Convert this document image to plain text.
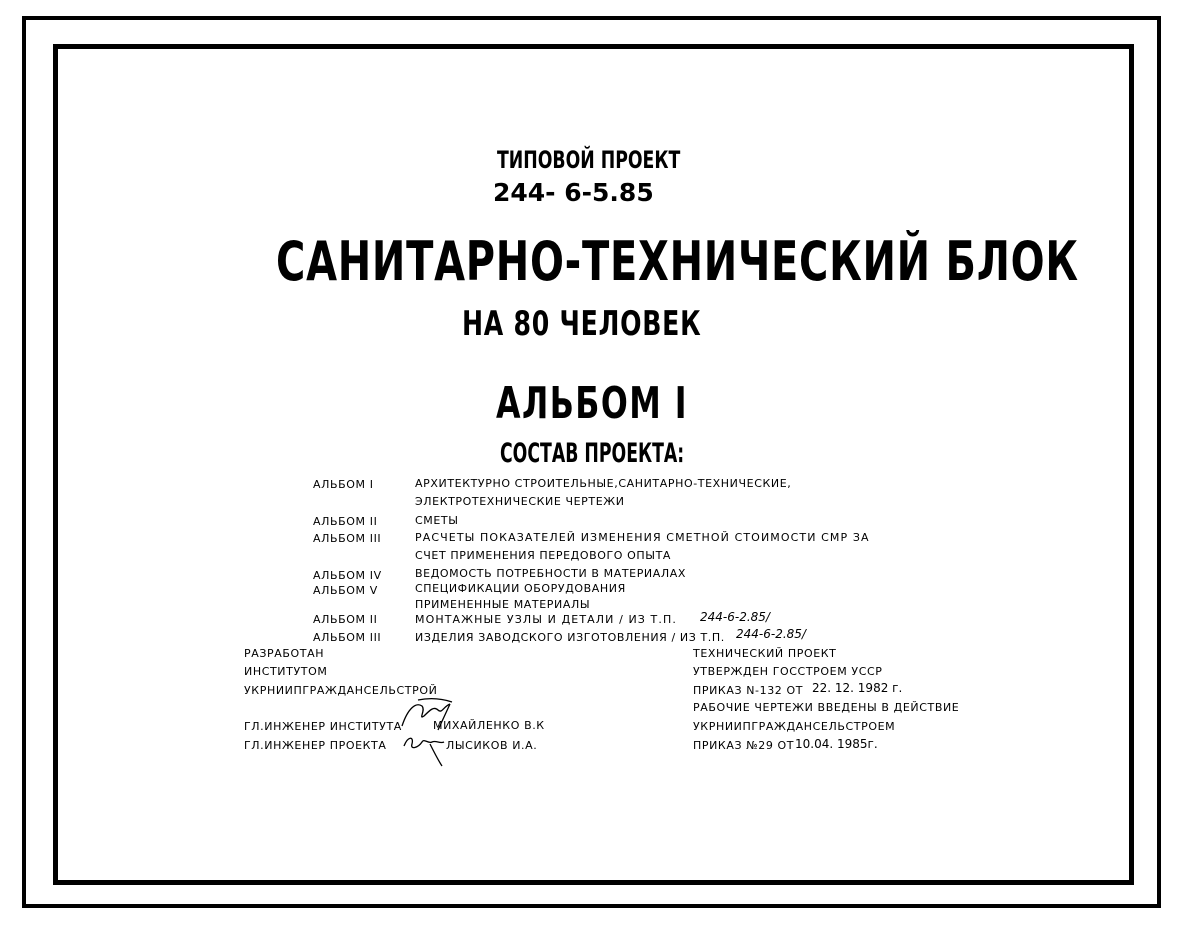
ТИПОВОЙ ПРОЕКТ
244- 6-5.85
САНИТАРНО-ТЕХНИЧЕСКИЙ БЛОК
НА 80 ЧЕЛОВЕК
АЛЬБОМ I
СОСТАВ ПРОЕКТА:
АЛЬБОМ I	АРХИТЕКТУРНО СТРОИТЕЛЬНЫЕ,САНИТАРНО-ТЕХНИЧЕСКИЕ,
ЭЛЕКТРОТЕХНИЧЕСКИЕ ЧЕРТЕЖИ
АЛЬБОМ II	СМЕТЫ
АЛЬБОМ III	РАСЧЕТЫ ПОКАЗАТЕЛЕЙ ИЗМЕНЕНИЯ СМЕТНОЙ СТОИМОСТИ СМР ЗА
СЧЕТ ПРИМЕНЕНИЯ ПЕРЕДОВОГО ОПЫТА
АЛЬБОМ IV	ВЕДОМОСТЬ ПОТРЕБНОСТИ В МАТЕРИАЛАХ
АЛЬБОМ V	СПЕЦИФИКАЦИИ ОБОРУДОВАНИЯ
ПРИМЕНЕННЫЕ МАТЕРИАЛЫ
АЛЬБОМ II	МОНТАЖНЫЕ УЗЛЫ И ДЕТАЛИ / ИЗ Т.П. 244-6-2.85/
АЛЬБОМ III	ИЗДЕЛИЯ ЗАВОДСКОГО ИЗГОТОВЛЕНИЯ / ИЗ Т.П. 244-6-2.85/
РАЗРАБОТАН
ИНСТИТУТОМ
УКРНИИПГРАЖДАНСЕЛЬСТРОЙ
ГЛ.ИНЖЕНЕР ИНСТИТУТА	МИХАЙЛЕНКО В.К
ГЛ.ИНЖЕНЕР ПРОЕКТА	ЛЫСИКОВ И.А.
ТЕХНИЧЕСКИЙ ПРОЕКТ
УТВЕРЖДЕН ГОССТРОЕМ УССР
ПРИКАЗ N-132 ОТ 22. 12. 1982 г.
РАБОЧИЕ ЧЕРТЕЖИ ВВЕДЕНЫ В ДЕЙСТВИЕ
УКРНИИПГРАЖДАНСЕЛЬСТРОЕМ
ПРИКАЗ №29 ОТ 10.04. 1985г.
